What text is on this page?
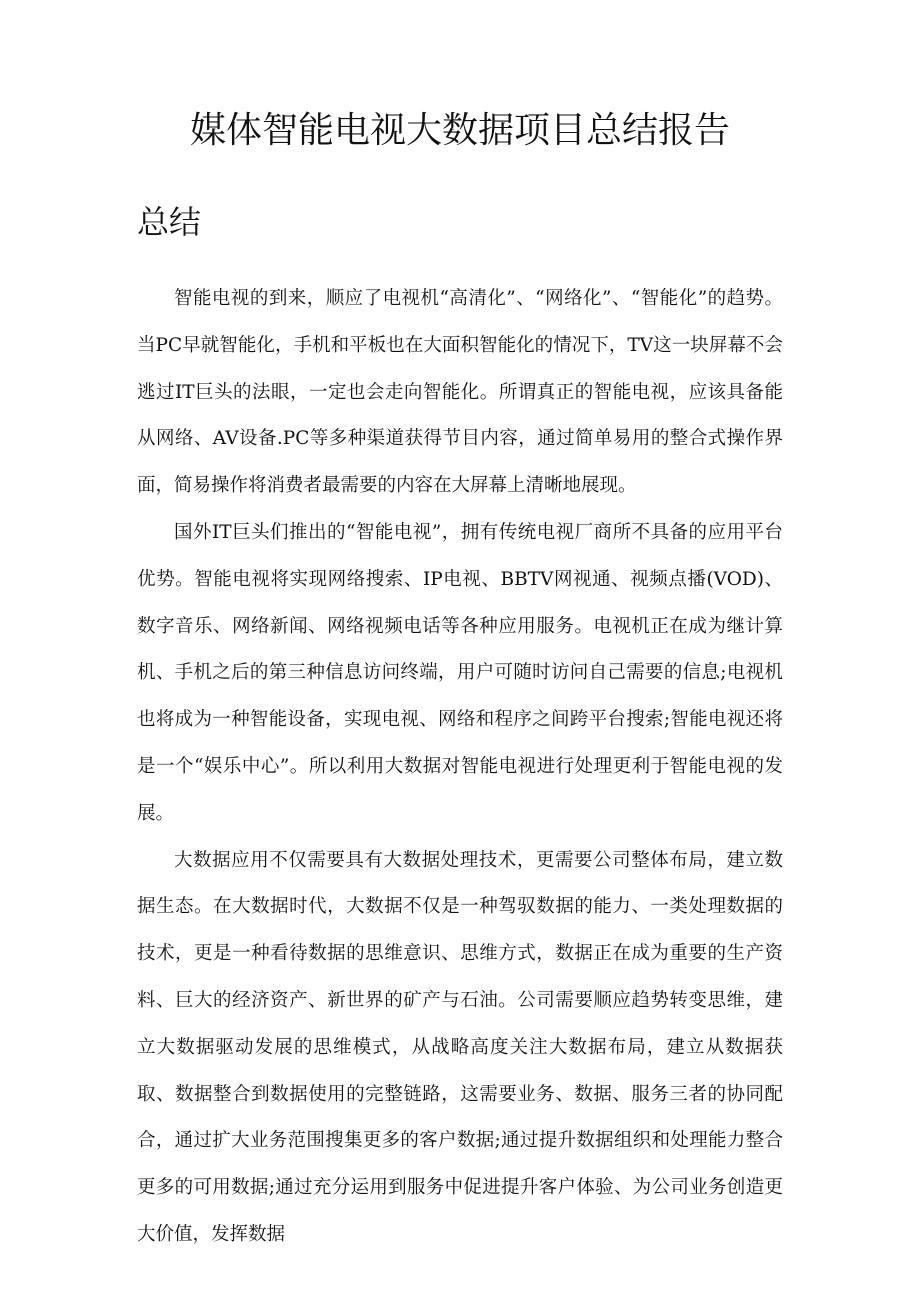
媒体智能电视大数据项目总结报告
总结

智能电视的到来，顺应了电视机“高清化”、“网络化”、“智能化”的趋势。当PC早就智能化，手机和平板也在大面积智能化的情况下，TV这一块屏幕不会逃过IT巨头的法眼，一定也会走向智能化。所谓真正的智能电视，应该具备能从网络、AV设备.PC等多种渠道获得节目内容，通过简单易用的整合式操作界面，简易操作将消费者最需要的内容在大屏幕上清晰地展现。

国外IT巨头们推出的“智能电视”，拥有传统电视厂商所不具备的应用平台优势。智能电视将实现网络搜索、IP电视、BBTV网视通、视频点播(VOD)、数字音乐、网络新闻、网络视频电话等各种应用服务。电视机正在成为继计算机、手机之后的第三种信息访问终端，用户可随时访问自己需要的信息;电视机也将成为一种智能设备，实现电视、网络和程序之间跨平台搜索;智能电视还将是一个“娱乐中心”。所以利用大数据对智能电视进行处理更利于智能电视的发展。

大数据应用不仅需要具有大数据处理技术，更需要公司整体布局，建立数据生态。在大数据时代，大数据不仅是一种驾驭数据的能力、一类处理数据的技术，更是一种看待数据的思维意识、思维方式，数据正在成为重要的生产资料、巨大的经济资产、新世界的矿产与石油。公司需要顺应趋势转变思维，建立大数据驱动发展的思维模式，从战略高度关注大数据布局，建立从数据获取、数据整合到数据使用的完整链路，这需要业务、数据、服务三者的协同配合，通过扩大业务范围搜集更多的客户数据;通过提升数据组织和处理能力整合更多的可用数据;通过充分运用到服务中促进提升客户体验、为公司业务创造更大价值，发挥数据
